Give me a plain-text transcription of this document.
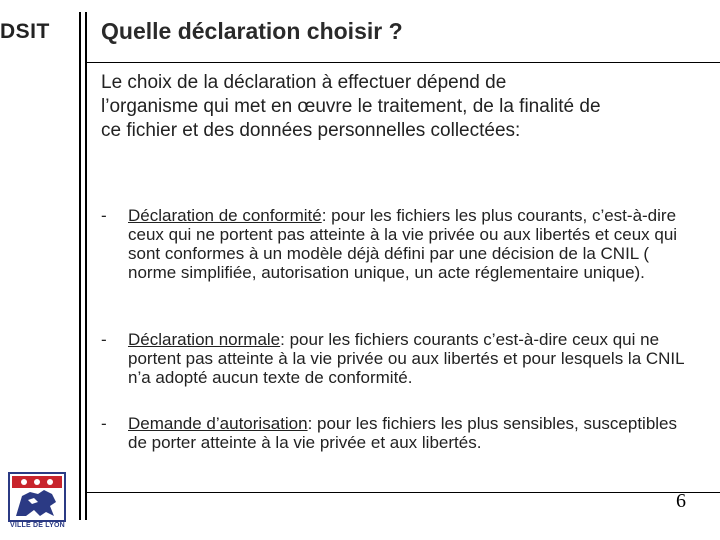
DSIT Quelle déclaration choisir ?
Le choix de la déclaration à effectuer dépend de l’organisme qui met en œuvre le traitement, de la finalité de ce fichier et des données personnelles collectées:
- Déclaration de conformité: pour les fichiers les plus courants, c’est-à-dire ceux qui ne portent pas atteinte à la vie privée ou aux libertés et ceux qui sont conformes à un modèle déjà défini par une décision de la CNIL ( norme simplifiée, autorisation unique, un acte réglementaire unique).
- Déclaration normale: pour les fichiers courants c’est-à-dire ceux qui ne portent pas atteinte à la vie privée ou aux libertés et pour lesquels la CNIL n’a adopté aucun texte de conformité.
- Demande d’autorisation: pour les fichiers les plus sensibles, susceptibles de porter atteinte à la vie privée et aux libertés.
6
VILLE DE LYON
